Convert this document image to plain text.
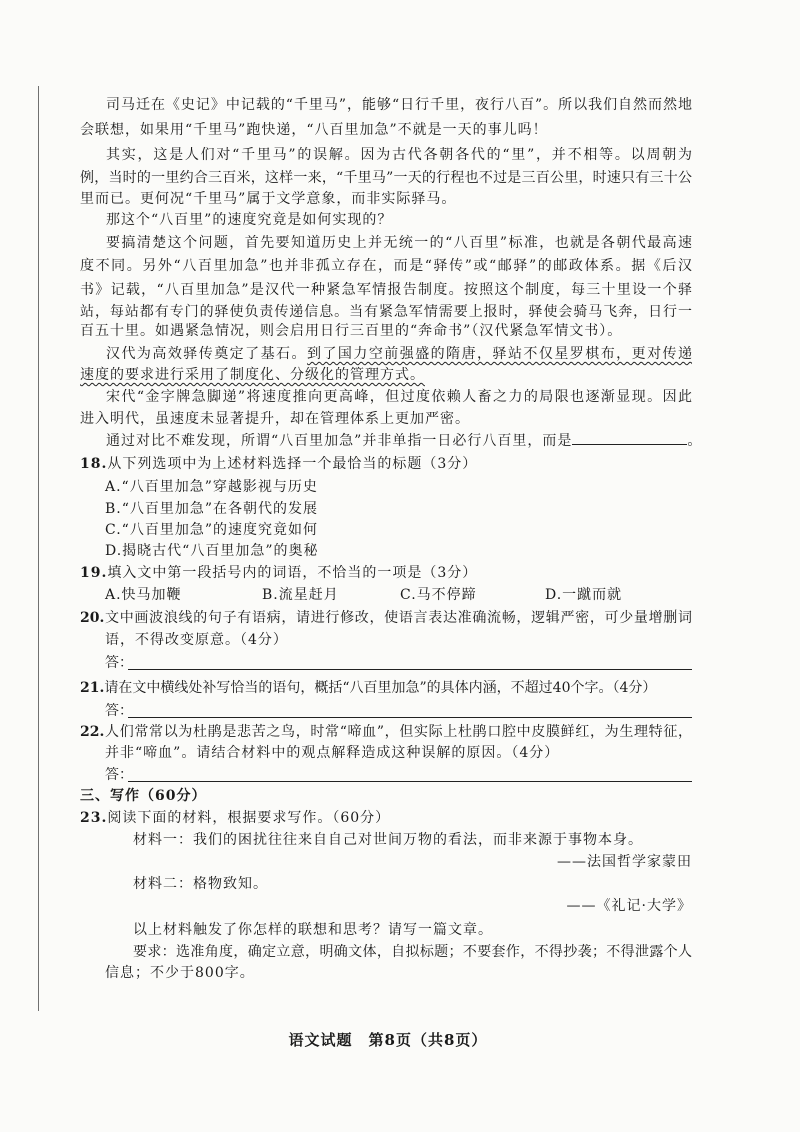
司马迁在《史记》中记载的“千里马”，能够“日行千里，夜行八百”。所以我们自然而然地
会联想，如果用“千里马”跑快递，“八百里加急”不就是一天的事儿吗！
其实，这是人们对“千里马”的误解。因为古代各朝各代的“里”，并不相等。以周朝为
例，当时的一里约合三百米，这样一来，“千里马”一天的行程也不过是三百公里，时速只有三十公
里而已。更何况“千里马”属于文学意象，而非实际驿马。
那这个“八百里”的速度究竟是如何实现的？
要搞清楚这个问题，首先要知道历史上并无统一的“八百里”标准，也就是各朝代最高速
度不同。另外“八百里加急”也并非孤立存在，而是“驿传”或“邮驿”的邮政体系。据《后汉
书》记载，“八百里加急”是汉代一种紧急军情报告制度。按照这个制度，每三十里设一个驿
站，每站都有专门的驿使负责传递信息。当有紧急军情需要上报时，驿使会骑马飞奔，日行一
百五十里。如遇紧急情况，则会启用日行三百里的“奔命书”（汉代紧急军情文书）。
汉代为高效驿传奠定了基石。到了国力空前强盛的隋唐，驿站不仅星罗棋布，更对传递
速度的要求进行采用了制度化、分级化的管理方式。
宋代“金字牌急脚递”将速度推向更高峰，但过度依赖人畜之力的局限也逐渐显现。因此
进入明代，虽速度未显著提升，却在管理体系上更加严密。
通过对比不难发现，所谓“八百里加急”并非单指一日必行八百里，而是	。
18.从下列选项中为上述材料选择一个最恰当的标题（3分）
A.“八百里加急”穿越影视与历史
B.“八百里加急”在各朝代的发展
C.“八百里加急”的速度究竟如何
D.揭晓古代“八百里加急”的奥秘
19.填入文中第一段括号内的词语，不恰当的一项是（3分）
A.快马加鞭	B.流星赶月	C.马不停蹄	D.一蹴而就
20.文中画波浪线的句子有语病，请进行修改，使语言表达准确流畅，逻辑严密，可少量增删词
语，不得改变原意。（4分）
答：
21.请在文中横线处补写恰当的语句，概括“八百里加急”的具体内涵，不超过40个字。（4分）
答：
22.人们常常以为杜鹃是悲苦之鸟，时常“啼血”，但实际上杜鹃口腔中皮膜鲜红，为生理特征，
并非“啼血”。请结合材料中的观点解释造成这种误解的原因。（4分）
答：
三、写作（60分）
23.阅读下面的材料，根据要求写作。（60分）
材料一：我们的困扰往往来自自己对世间万物的看法，而非来源于事物本身。
——法国哲学家蒙田
材料二：格物致知。
——《礼记·大学》
以上材料触发了你怎样的联想和思考？请写一篇文章。
要求：选准角度，确定立意，明确文体，自拟标题；不要套作，不得抄袭；不得泄露个人
信息；不少于800字。
语文试题　第8页（共8页）
